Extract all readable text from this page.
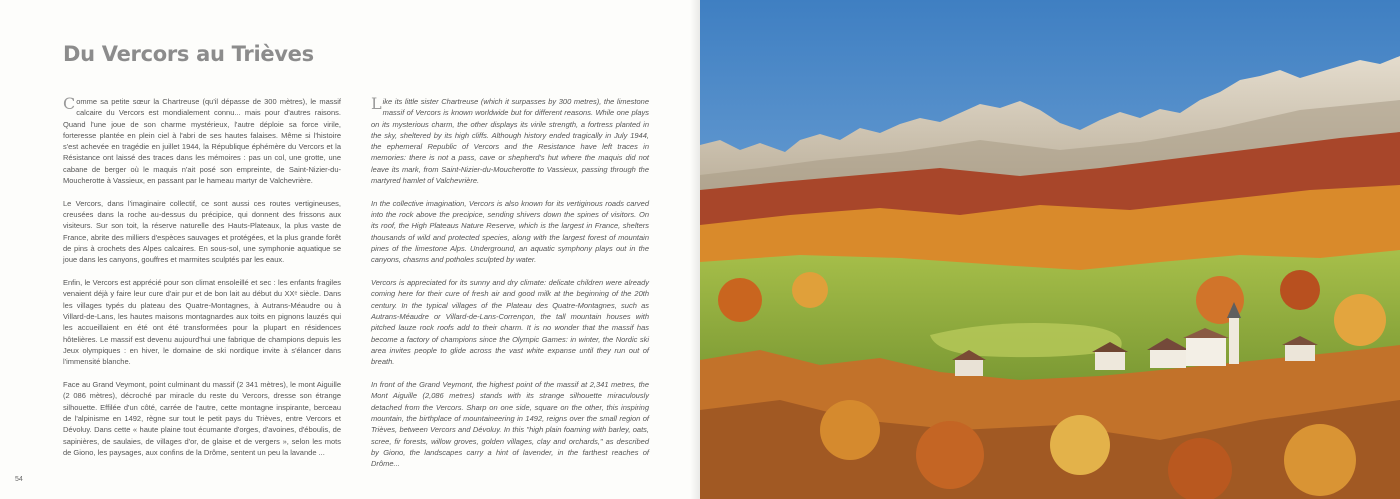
Du Vercors au Trièves

Comme sa petite sœur la Chartreuse (qu'il dépasse de 300 mètres), le massif calcaire du Vercors est mondialement connu... mais pour d'autres raisons. Quand l'une joue de son charme mystérieux, l'autre déploie sa force virile, forteresse plantée en plein ciel à l'abri de ses hautes falaises. Même si l'histoire s'est achevée en tragédie en juillet 1944, la République éphémère du Vercors et la Résistance ont laissé des traces dans les mémoires : pas un col, une grotte, une cabane de berger où le maquis n'ait posé son empreinte, de Saint-Nizier-du-Moucherotte à Vassieux, en passant par le hameau martyr de Valchevrière.

Le Vercors, dans l'imaginaire collectif, ce sont aussi ces routes vertigineuses, creusées dans la roche au-dessus du précipice, qui donnent des frissons aux visiteurs. Sur son toit, la réserve naturelle des Hauts-Plateaux, la plus vaste de France, abrite des milliers d'espèces sauvages et protégées, et la plus grande forêt de pins à crochets des Alpes calcaires. En sous-sol, une symphonie aquatique se joue dans les canyons, gouffres et marmites sculptés par les eaux.

Enfin, le Vercors est apprécié pour son climat ensoleillé et sec : les enfants fragiles venaient déjà y faire leur cure d'air pur et de bon lait au début du XXᵉ siècle. Dans les villages typés du plateau des Quatre-Montagnes, à Autrans-Méaudre ou à Villard-de-Lans, les hautes maisons montagnardes aux toits en pignons lauzés qui les accueillaient en été ont été transformées pour la plupart en résidences hôtelières. Le massif est devenu aujourd'hui une fabrique de champions depuis les Jeux olympiques : en hiver, le domaine de ski nordique invite à s'élancer dans l'immensité blanche.

Face au Grand Veymont, point culminant du massif (2 341 mètres), le mont Aiguille (2 086 mètres), décroché par miracle du reste du Vercors, dresse son étrange silhouette. Effilée d'un côté, carrée de l'autre, cette montagne inspirante, berceau de l'alpinisme en 1492, règne sur tout le petit pays du Trièves, entre Vercors et Dévoluy. Dans cette « haute plaine tout écumante d'orges, d'avoines, d'éboulis, de sapinières, de saulaies, de villages d'or, de glaise et de vergers », selon les mots de Giono, les paysages, aux confins de la Drôme, sentent un peu la lavande ...

Like its little sister Chartreuse (which it surpasses by 300 metres), the limestone massif of Vercors is known worldwide but for different reasons. While one plays on its mysterious charm, the other displays its virile strength, a fortress planted in the sky, sheltered by its high cliffs. Although history ended tragically in July 1944, the ephemeral Republic of Vercors and the Resistance have left traces in memories: there is not a pass, cave or shepherd's hut where the maquis did not leave its mark, from Saint-Nizier-du-Moucherotte to Vassieux, passing through the martyred hamlet of Valchevrière.

In the collective imagination, Vercors is also known for its vertiginous roads carved into the rock above the precipice, sending shivers down the spines of visitors. On its roof, the High Plateaus Nature Reserve, which is the largest in France, shelters thousands of wild and protected species, along with the largest forest of mountain pines of the limestone Alps. Underground, an aquatic symphony plays out in the canyons, chasms and potholes sculpted by water.

Vercors is appreciated for its sunny and dry climate: delicate children were already coming here for their cure of fresh air and good milk at the beginning of the 20th century. In the typical villages of the Plateau des Quatre-Montagnes, such as Autrans-Méaudre or Villard-de-Lans-Corrençon, the tall mountain houses with pitched lauze rock roofs add to their charm. It is no wonder that the massif has become a factory of champions since the Olympic Games: in winter, the Nordic ski area invites people to glide across the vast white expanse until they run out of breath.

In front of the Grand Veymont, the highest point of the massif at 2,341 metres, the Mont Aiguille (2,086 metres) stands with its strange silhouette miraculously detached from the Vercors. Sharp on one side, square on the other, this inspiring mountain, the birthplace of mountaineering in 1492, reigns over the small region of Trièves, between Vercors and Dévoluy. In this "high plain foaming with barley, oats, scree, fir forests, willow groves, golden villages, clay and orchards," as described by Giono, the landscapes carry a hint of lavender, in the farthest reaches of Drôme...

54
